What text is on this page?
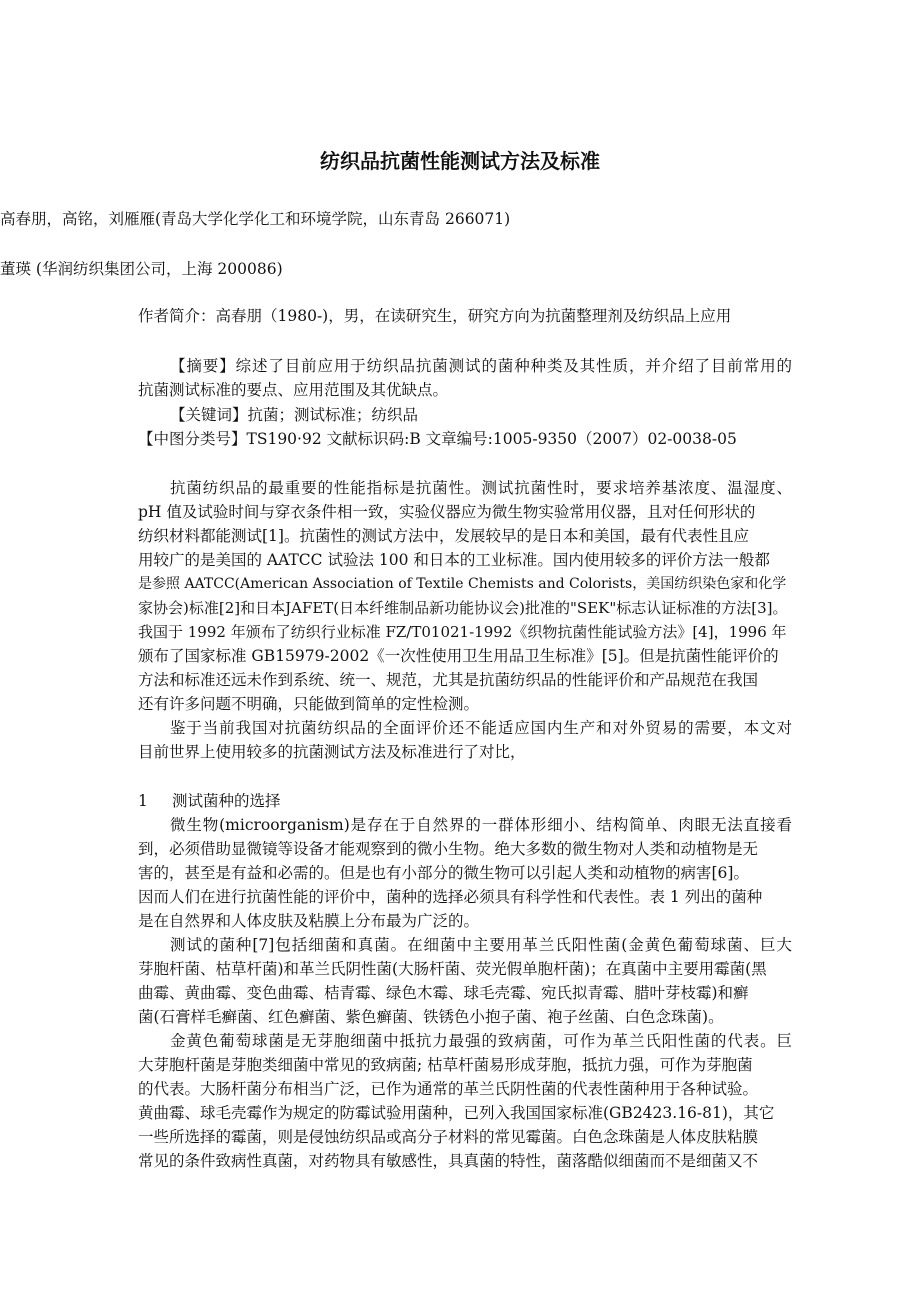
纺织品抗菌性能测试方法及标准
高春朋，高铭，刘雁雁(青岛大学化学化工和环境学院，山东青岛 266071)
董瑛 (华润纺织集团公司，上海 200086)
作者简介：高春朋（1980-)，男，在读研究生，研究方向为抗菌整理剂及纺织品上应用
【摘要】综述了目前应用于纺织品抗菌测试的菌种种类及其性质，并介绍了目前常用的
抗菌测试标准的要点、应用范围及其优缺点。
【关键词】抗菌；测试标准；纺织品
【中图分类号】TS190·92 文献标识码:B 文章编号:1005-9350（2007）02-0038-05
抗菌纺织品的最重要的性能指标是抗菌性。测试抗菌性时，要求培养基浓度、温湿度、
pH 值及试验时间与穿衣条件相一致，实验仪器应为微生物实验常用仪器，且对任何形状的
纺织材料都能测试[1]。抗菌性的测试方法中，发展较早的是日本和美国，最有代表性且应
用较广的是美国的 AATCC 试验法 100 和日本的工业标准。国内使用较多的评价方法一般都
是参照 AATCC(American Association of Textile Chemists and Colorists，美国纺织染色家和化学
家协会)标准[2]和日本JAFET(日本纤维制品新功能协议会)批准的"SEK"标志认证标准的方法[3]。
我国于 1992 年颁布了纺织行业标准 FZ/T01021-1992《织物抗菌性能试验方法》[4]，1996 年
颁布了国家标准 GB15979-2002《一次性使用卫生用品卫生标准》[5]。但是抗菌性能评价的
方法和标准还远未作到系统、统一、规范，尤其是抗菌纺织品的性能评价和产品规范在我国
还有许多问题不明确，只能做到简单的定性检测。
鉴于当前我国对抗菌纺织品的全面评价还不能适应国内生产和对外贸易的需要，本文对
目前世界上使用较多的抗菌测试方法及标准进行了对比，
1 测试菌种的选择
微生物(microorganism)是存在于自然界的一群体形细小、结构简单、肉眼无法直接看
到，必须借助显微镜等设备才能观察到的微小生物。绝大多数的微生物对人类和动植物是无
害的，甚至是有益和必需的。但是也有小部分的微生物可以引起人类和动植物的病害[6]。
因而人们在进行抗菌性能的评价中，菌种的选择必须具有科学性和代表性。表 1 列出的菌种
是在自然界和人体皮肤及粘膜上分布最为广泛的。
测试的菌种[7]包括细菌和真菌。在细菌中主要用革兰氏阳性菌(金黄色葡萄球菌、巨大
芽胞杆菌、枯草杆菌)和革兰氏阴性菌(大肠杆菌、荧光假单胞杆菌)；在真菌中主要用霉菌(黑
曲霉、黄曲霉、变色曲霉、桔青霉、绿色木霉、球毛壳霉、宛氏拟青霉、腊叶芽枝霉)和癣
菌(石膏样毛癣菌、红色癣菌、紫色癣菌、铁锈色小抱子菌、袍子丝菌、白色念珠菌)。
金黄色葡萄球菌是无芽胞细菌中抵抗力最强的致病菌，可作为革兰氏阳性菌的代表。巨
大芽胞杆菌是芽胞类细菌中常见的致病菌; 枯草杆菌易形成芽胞，抵抗力强，可作为芽胞菌
的代表。大肠杆菌分布相当广泛，已作为通常的革兰氏阴性菌的代表性菌种用于各种试验。
黄曲霉、球毛壳霉作为规定的防霉试验用菌种，已列入我国国家标准(GB2423.16-81)，其它
一些所选择的霉菌，则是侵蚀纺织品或高分子材料的常见霉菌。白色念珠菌是人体皮肤粘膜
常见的条件致病性真菌，对药物具有敏感性，具真菌的特性，菌落酷似细菌而不是细菌又不
